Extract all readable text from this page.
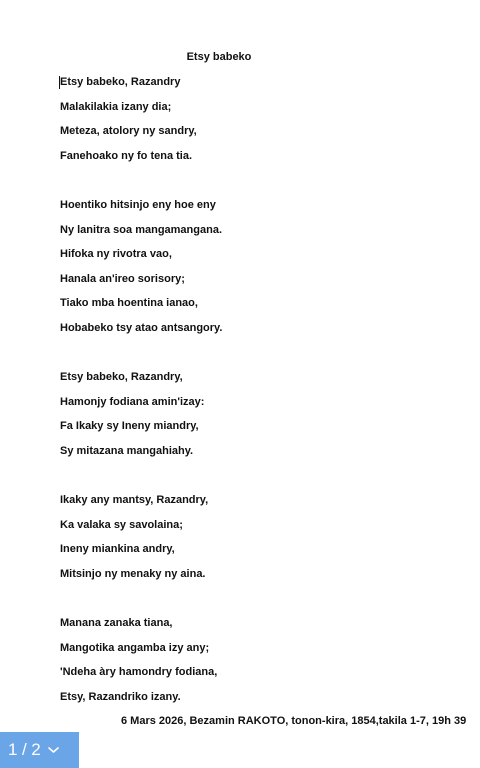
Etsy babeko
Etsy babeko, Razandry
Malakilakia izany dia;
Meteza, atolory ny sandry,
Fanehoako ny fo tena tia.
Hoentiko hitsinjo eny hoe eny
Ny lanitra soa mangamangana.
Hifoka ny rivotra vao,
Hanala an'ireo sorisory;
Tiako mba hoentina ianao,
Hobabeko tsy atao antsangory.
Etsy babeko, Razandry,
Hamonjy fodiana amin'izay:
Fa Ikaky sy Ineny miandry,
Sy mitazana mangahiahy.
Ikaky any mantsy, Razandry,
Ka valaka sy savolaina;
Ineny miankina andry,
Mitsinjo ny menaky ny aina.
Manana zanaka tiana,
Mangotika angamba izy any;
'Ndeha àry hamondry fodiana,
Etsy, Razandriko izany.
6 Mars 2026, Bezamin RAKOTO, tonon-kira, 1854,takila 1-7, 19h 39
1 / 2
